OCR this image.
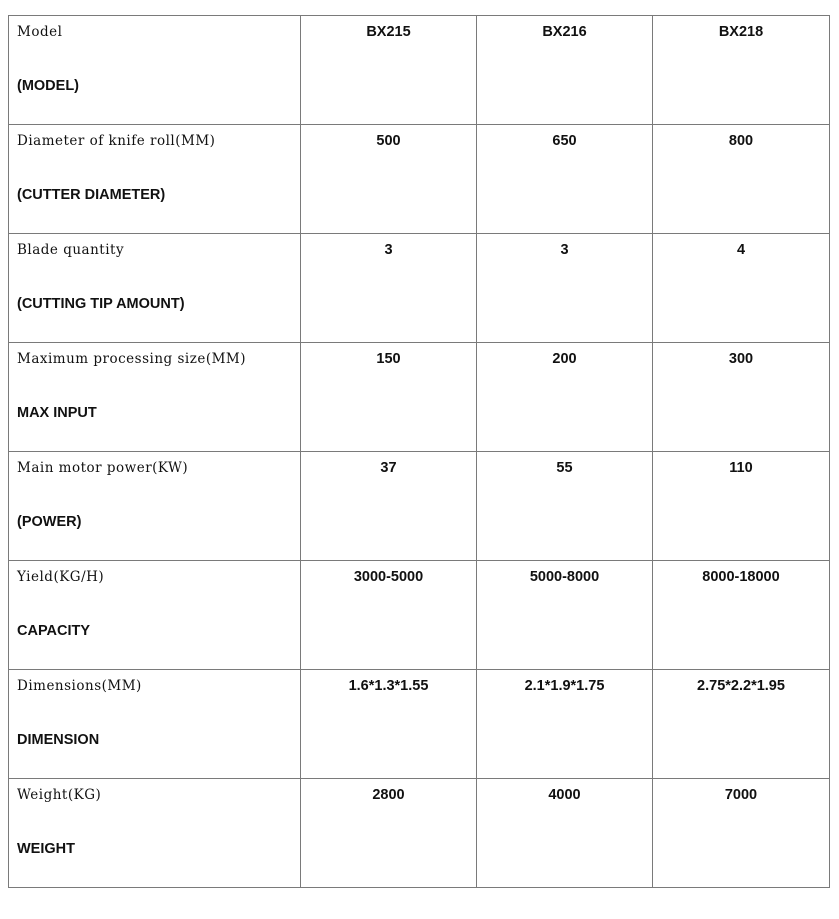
Model
(MODEL)	BX215	BX216	BX218

Diameter of knife roll(MM)
(CUTTER DIAMETER)	500	650	800

Blade quantity
(CUTTING TIP AMOUNT)	3	3	4

Maximum processing size(MM)
MAX INPUT	150	200	300

Main motor power(KW)
(POWER)	37	55	110

Yield(KG/H)
CAPACITY	3000-5000	5000-8000	8000-18000

Dimensions(MM)
DIMENSION	1.6*1.3*1.55	2.1*1.9*1.75	2.75*2.2*1.95

Weight(KG)
WEIGHT	2800	4000	7000
